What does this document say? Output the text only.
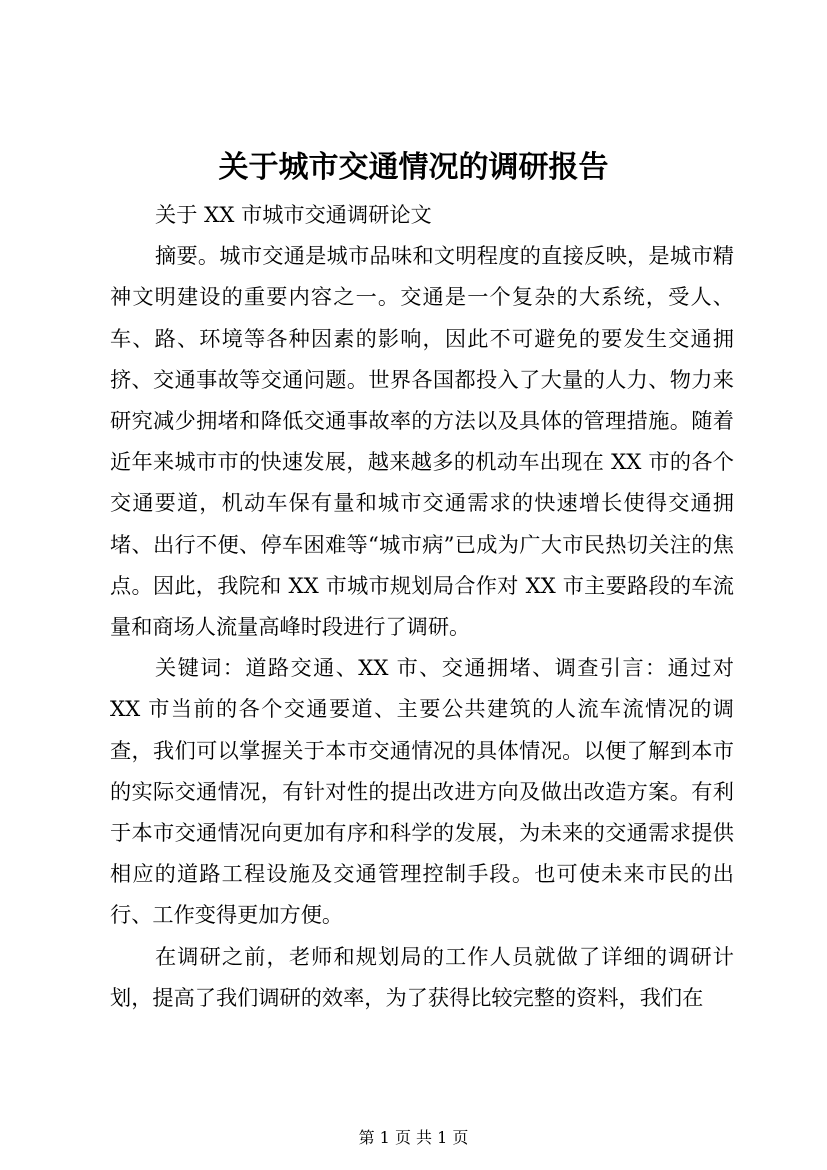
关于城市交通情况的调研报告

关于 XX 市城市交通调研论文

摘要。城市交通是城市品味和文明程度的直接反映，是城市精神文明建设的重要内容之一。交通是一个复杂的大系统，受人、车、路、环境等各种因素的影响，因此不可避免的要发生交通拥挤、交通事故等交通问题。世界各国都投入了大量的人力、物力来研究减少拥堵和降低交通事故率的方法以及具体的管理措施。随着近年来城市市的快速发展，越来越多的机动车出现在 XX 市的各个交通要道，机动车保有量和城市交通需求的快速增长使得交通拥堵、出行不便、停车困难等“城市病”已成为广大市民热切关注的焦点。因此，我院和 XX 市城市规划局合作对 XX 市主要路段的车流量和商场人流量高峰时段进行了调研。

关键词：道路交通、XX 市、交通拥堵、调查引言：通过对 XX 市当前的各个交通要道、主要公共建筑的人流车流情况的调查，我们可以掌握关于本市交通情况的具体情况。以便了解到本市的实际交通情况，有针对性的提出改进方向及做出改造方案。有利于本市交通情况向更加有序和科学的发展，为未来的交通需求提供相应的道路工程设施及交通管理控制手段。也可使未来市民的出行、工作变得更加方便。

在调研之前，老师和规划局的工作人员就做了详细的调研计划，提高了我们调研的效率，为了获得比较完整的资料，我们在

第 1 页 共 1 页
